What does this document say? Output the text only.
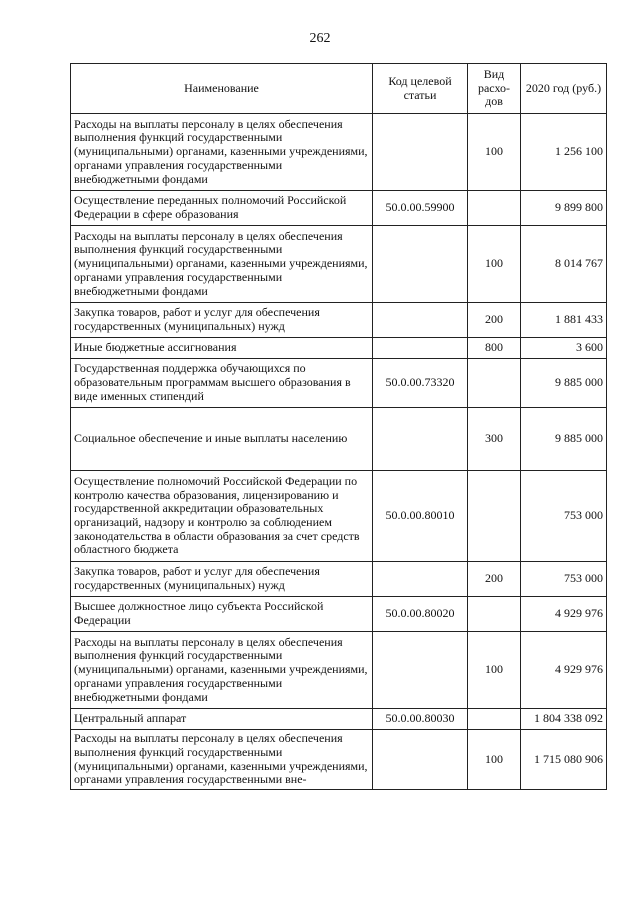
262
Наименование	Код целевой статьи	Вид расхо-дов	2020 год (руб.)
Расходы на выплаты персоналу в целях обеспечения выполнения функций государственными (муниципальными) органами, казенными учреждениями, органами управления государственными внебюджетными фондами		100	1 256 100
Осуществление переданных полномочий Российской Федерации в сфере образования	50.0.00.59900		9 899 800
Расходы на выплаты персоналу в целях обеспечения выполнения функций государственными (муниципальными) органами, казенными учреждениями, органами управления государственными внебюджетными фондами		100	8 014 767
Закупка товаров, работ и услуг для обеспечения государственных (муниципальных) нужд		200	1 881 433
Иные бюджетные ассигнования		800	3 600
Государственная поддержка обучающихся по образовательным программам высшего образования в виде именных стипендий	50.0.00.73320		9 885 000
Социальное обеспечение и иные выплаты населению		300	9 885 000
Осуществление полномочий Российской Федерации по контролю качества образования, лицензированию и государственной аккредитации образовательных организаций, надзору и контролю за соблюдением законодательства в области образования за счет средств областного бюджета	50.0.00.80010		753 000
Закупка товаров, работ и услуг для обеспечения государственных (муниципальных) нужд		200	753 000
Высшее должностное лицо субъекта Российской Федерации	50.0.00.80020		4 929 976
Расходы на выплаты персоналу в целях обеспечения выполнения функций государственными (муниципальными) органами, казенными учреждениями, органами управления государственными внебюджетными фондами		100	4 929 976
Центральный аппарат	50.0.00.80030		1 804 338 092
Расходы на выплаты персоналу в целях обеспечения выполнения функций государственными (муниципальными) органами, казенными учреждениями, органами управления государственными вне-		100	1 715 080 906
